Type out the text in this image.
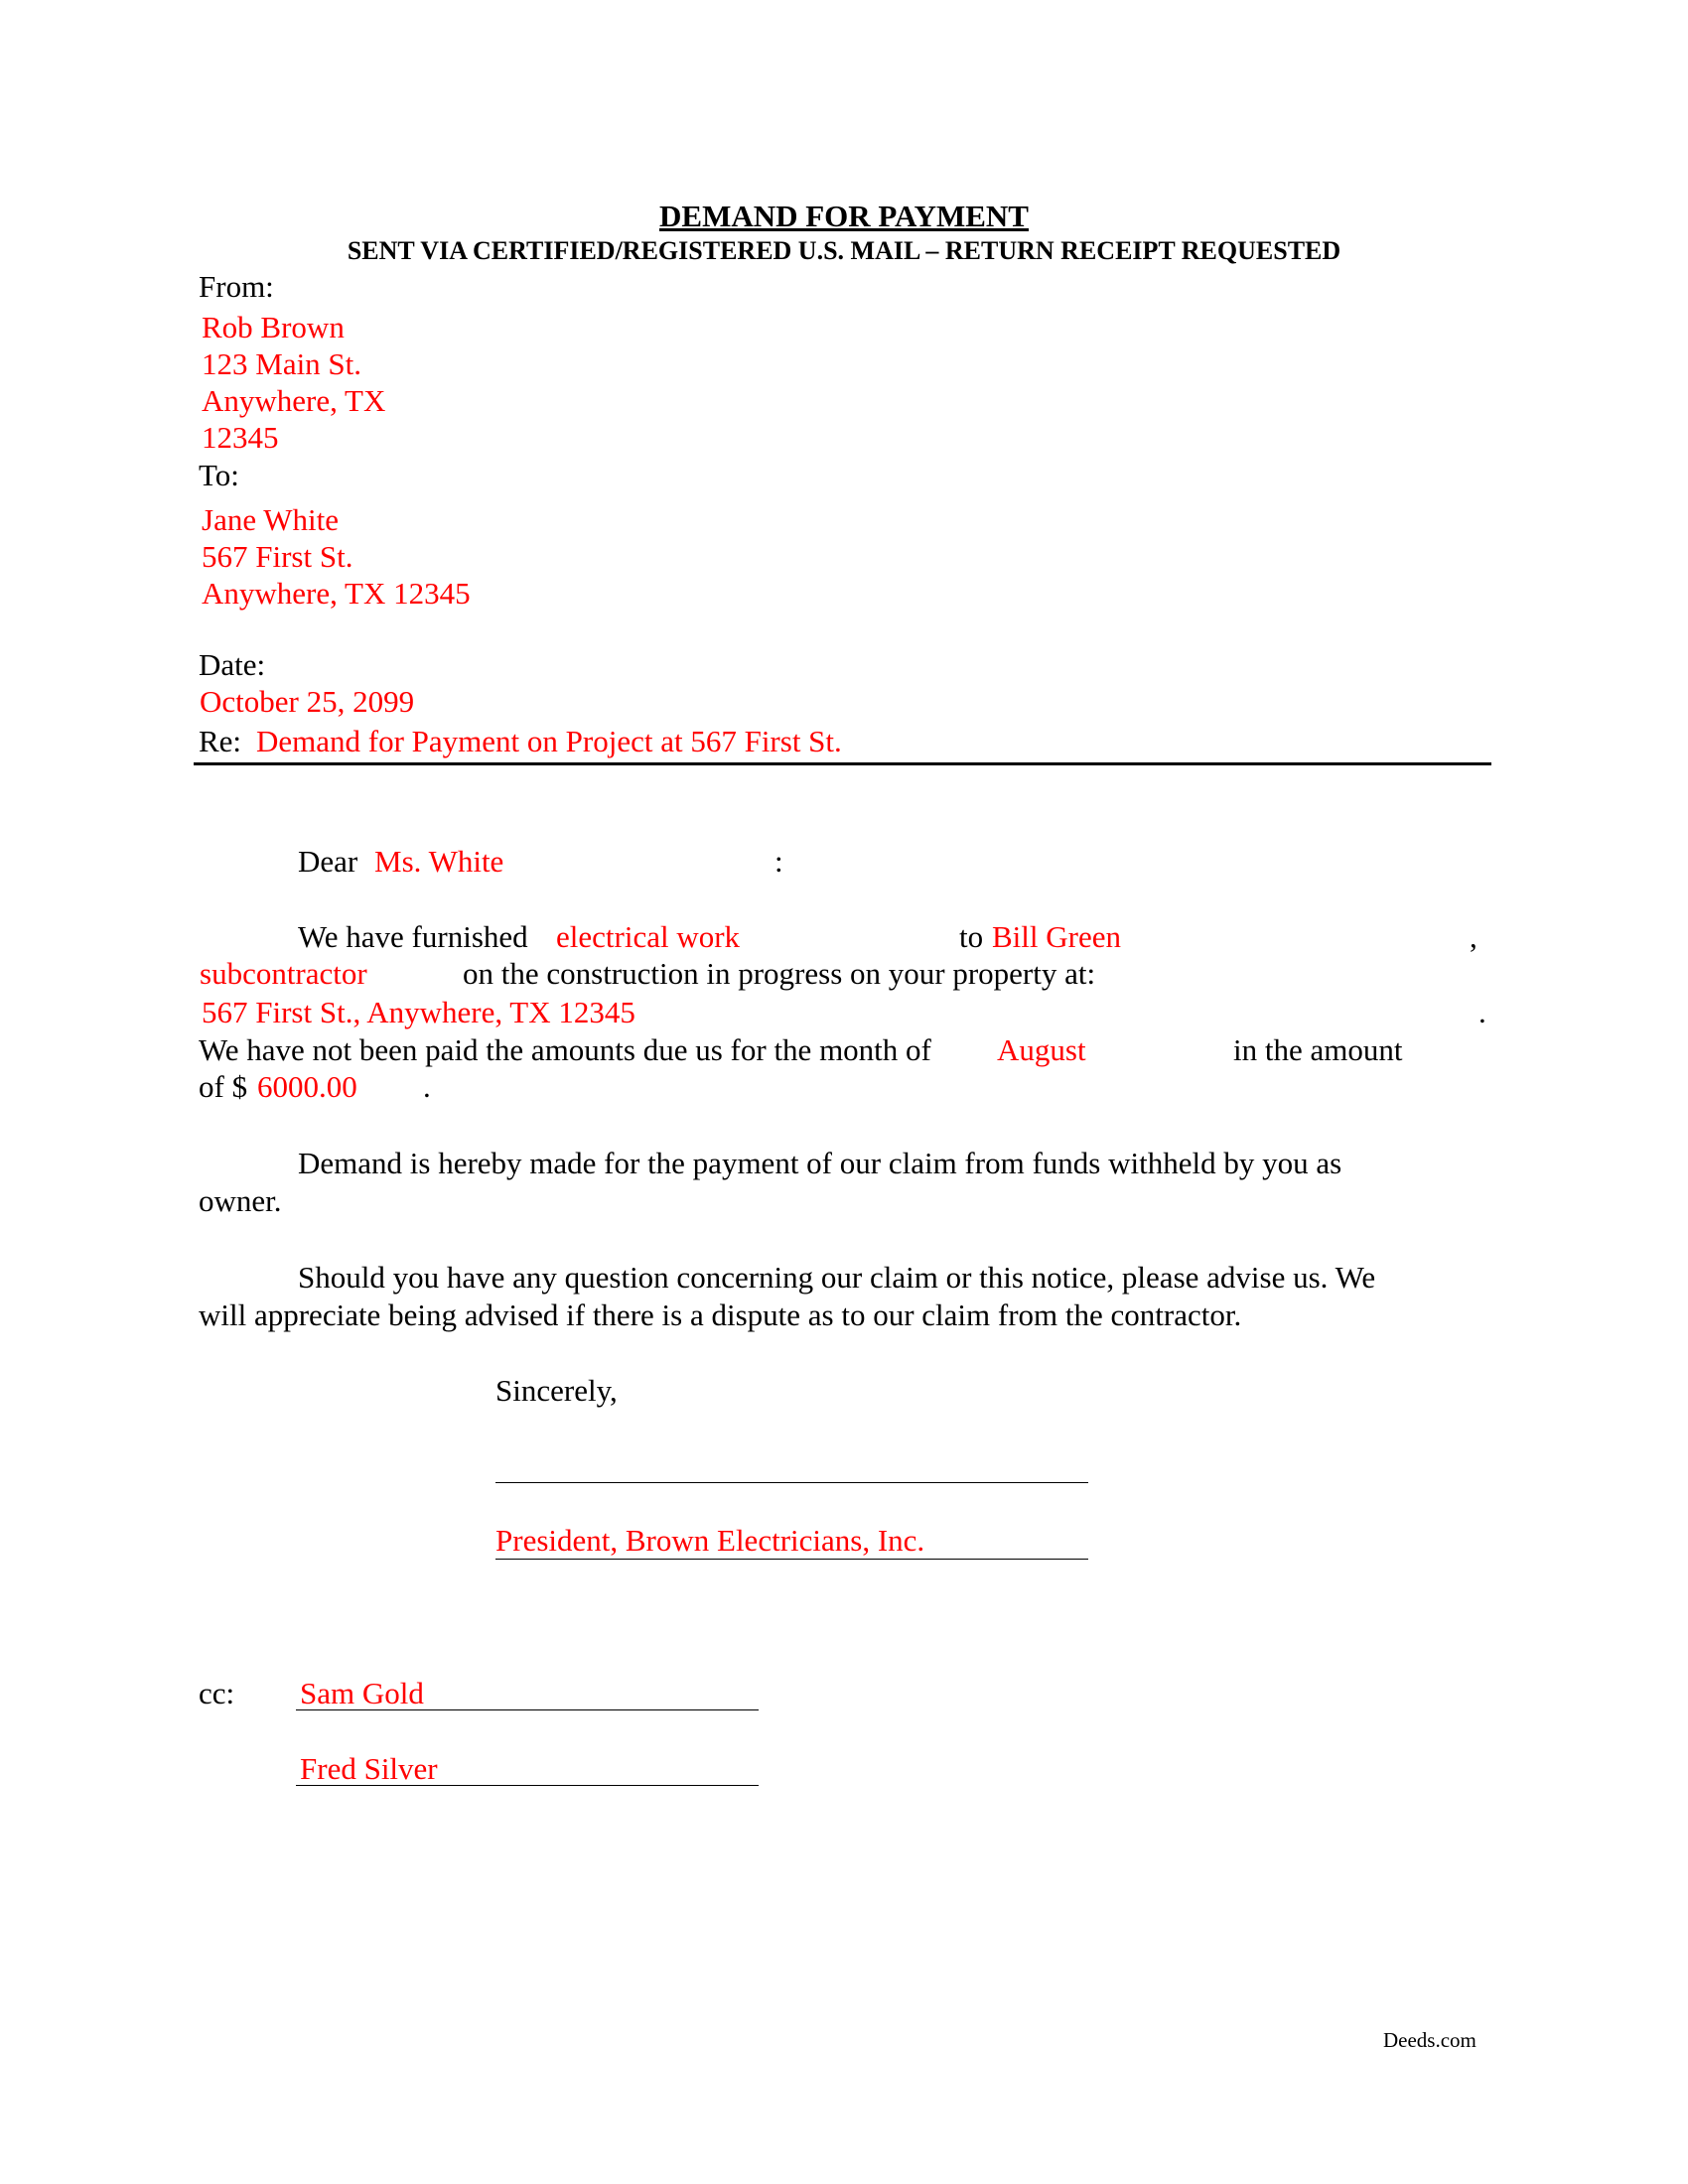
DEMAND FOR PAYMENT
SENT VIA CERTIFIED/REGISTERED U.S. MAIL – RETURN RECEIPT REQUESTED
From:
Rob Brown
123 Main St.
Anywhere, TX
12345
To:
Jane White
567 First St.
Anywhere, TX 12345
Date:
October 25, 2099
Re: Demand for Payment on Project at 567 First St.
Dear Ms. White	:
We have furnished electrical work	to Bill Green	,
subcontractor	on the construction in progress on your property at:
567 First St., Anywhere, TX 12345	.
We have not been paid the amounts due us for the month of August	in the amount
of $ 6000.00 .
Demand is hereby made for the payment of our claim from funds withheld by you as
owner.
Should you have any question concerning our claim or this notice, please advise us. We
will appreciate being advised if there is a dispute as to our claim from the contractor.
Sincerely,
President, Brown Electricians, Inc.
cc: Sam Gold
Fred Silver
Deeds.com
